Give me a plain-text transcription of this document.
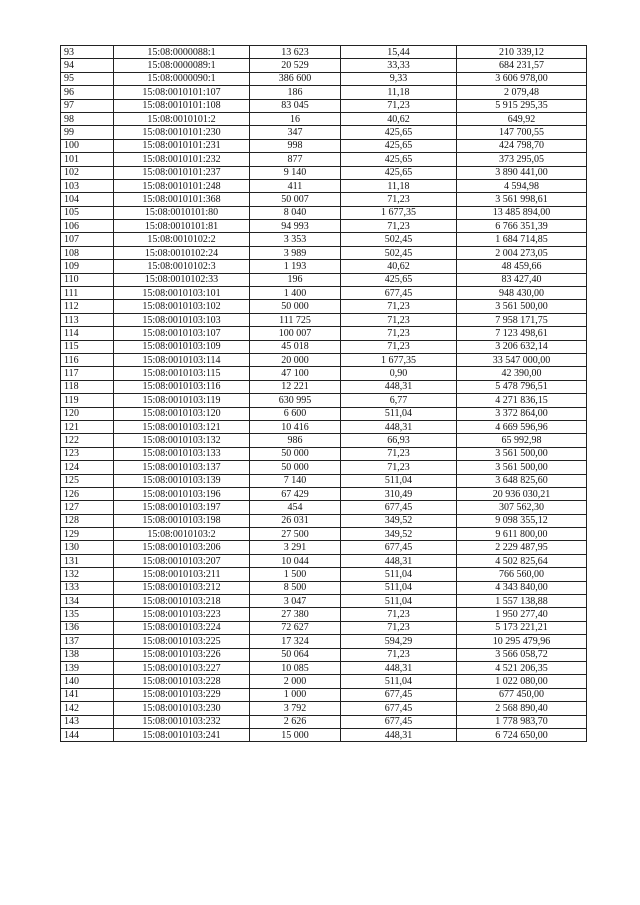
93	15:08:0000088:1	13 623	15,44	210 339,12
94	15:08:0000089:1	20 529	33,33	684 231,57
95	15:08:0000090:1	386 600	9,33	3 606 978,00
96	15:08:0010101:107	186	11,18	2 079,48
97	15:08:0010101:108	83 045	71,23	5 915 295,35
98	15:08:0010101:2	16	40,62	649,92
99	15:08:0010101:230	347	425,65	147 700,55
100	15:08:0010101:231	998	425,65	424 798,70
101	15:08:0010101:232	877	425,65	373 295,05
102	15:08:0010101:237	9 140	425,65	3 890 441,00
103	15:08:0010101:248	411	11,18	4 594,98
104	15:08:0010101:368	50 007	71,23	3 561 998,61
105	15:08:0010101:80	8 040	1 677,35	13 485 894,00
106	15:08:0010101:81	94 993	71,23	6 766 351,39
107	15:08:0010102:2	3 353	502,45	1 684 714,85
108	15:08:0010102:24	3 989	502,45	2 004 273,05
109	15:08:0010102:3	1 193	40,62	48 459,66
110	15:08:0010102:33	196	425,65	83 427,40
111	15:08:0010103:101	1 400	677,45	948 430,00
112	15:08:0010103:102	50 000	71,23	3 561 500,00
113	15:08:0010103:103	111 725	71,23	7 958 171,75
114	15:08:0010103:107	100 007	71,23	7 123 498,61
115	15:08:0010103:109	45 018	71,23	3 206 632,14
116	15:08:0010103:114	20 000	1 677,35	33 547 000,00
117	15:08:0010103:115	47 100	0,90	42 390,00
118	15:08:0010103:116	12 221	448,31	5 478 796,51
119	15:08:0010103:119	630 995	6,77	4 271 836,15
120	15:08:0010103:120	6 600	511,04	3 372 864,00
121	15:08:0010103:121	10 416	448,31	4 669 596,96
122	15:08:0010103:132	986	66,93	65 992,98
123	15:08:0010103:133	50 000	71,23	3 561 500,00
124	15:08:0010103:137	50 000	71,23	3 561 500,00
125	15:08:0010103:139	7 140	511,04	3 648 825,60
126	15:08:0010103:196	67 429	310,49	20 936 030,21
127	15:08:0010103:197	454	677,45	307 562,30
128	15:08:0010103:198	26 031	349,52	9 098 355,12
129	15:08:0010103:2	27 500	349,52	9 611 800,00
130	15:08:0010103:206	3 291	677,45	2 229 487,95
131	15:08:0010103:207	10 044	448,31	4 502 825,64
132	15:08:0010103:211	1 500	511,04	766 560,00
133	15:08:0010103:212	8 500	511,04	4 343 840,00
134	15:08:0010103:218	3 047	511,04	1 557 138,88
135	15:08:0010103:223	27 380	71,23	1 950 277,40
136	15:08:0010103:224	72 627	71,23	5 173 221,21
137	15:08:0010103:225	17 324	594,29	10 295 479,96
138	15:08:0010103:226	50 064	71,23	3 566 058,72
139	15:08:0010103:227	10 085	448,31	4 521 206,35
140	15:08:0010103:228	2 000	511,04	1 022 080,00
141	15:08:0010103:229	1 000	677,45	677 450,00
142	15:08:0010103:230	3 792	677,45	2 568 890,40
143	15:08:0010103:232	2 626	677,45	1 778 983,70
144	15:08:0010103:241	15 000	448,31	6 724 650,00
